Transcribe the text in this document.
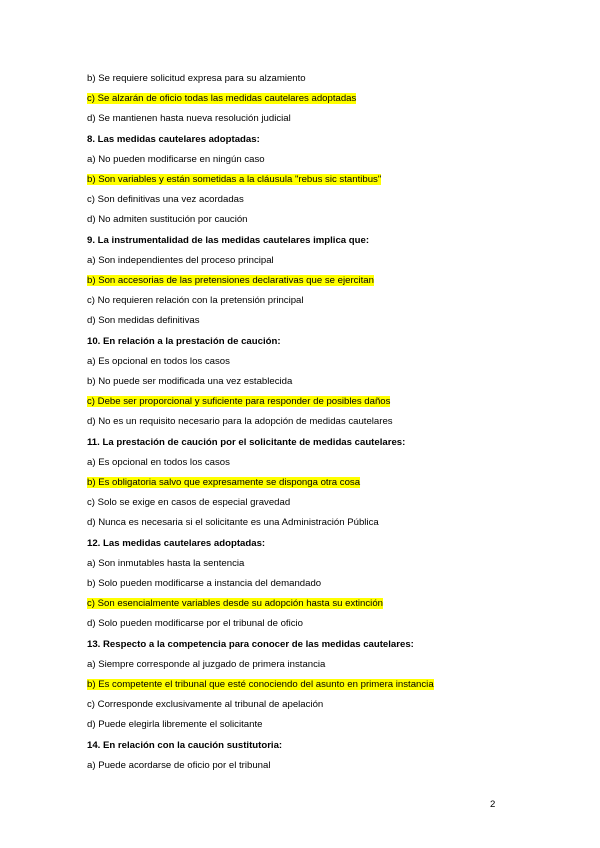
b) Se requiere solicitud expresa para su alzamiento
c) Se alzarán de oficio todas las medidas cautelares adoptadas
d) Se mantienen hasta nueva resolución judicial
8. Las medidas cautelares adoptadas:
a) No pueden modificarse en ningún caso
b) Son variables y están sometidas a la cláusula "rebus sic stantibus"
c) Son definitivas una vez acordadas
d) No admiten sustitución por caución
9. La instrumentalidad de las medidas cautelares implica que:
a) Son independientes del proceso principal
b) Son accesorias de las pretensiones declarativas que se ejercitan
c) No requieren relación con la pretensión principal
d) Son medidas definitivas
10. En relación a la prestación de caución:
a) Es opcional en todos los casos
b) No puede ser modificada una vez establecida
c) Debe ser proporcional y suficiente para responder de posibles daños
d) No es un requisito necesario para la adopción de medidas cautelares
11. La prestación de caución por el solicitante de medidas cautelares:
a) Es opcional en todos los casos
b) Es obligatoria salvo que expresamente se disponga otra cosa
c) Solo se exige en casos de especial gravedad
d) Nunca es necesaria si el solicitante es una Administración Pública
12. Las medidas cautelares adoptadas:
a) Son inmutables hasta la sentencia
b) Solo pueden modificarse a instancia del demandado
c) Son esencialmente variables desde su adopción hasta su extinción
d) Solo pueden modificarse por el tribunal de oficio
13. Respecto a la competencia para conocer de las medidas cautelares:
a) Siempre corresponde al juzgado de primera instancia
b) Es competente el tribunal que esté conociendo del asunto en primera instancia
c) Corresponde exclusivamente al tribunal de apelación
d) Puede elegirla libremente el solicitante
14. En relación con la caución sustitutoria:
a) Puede acordarse de oficio por el tribunal
2
